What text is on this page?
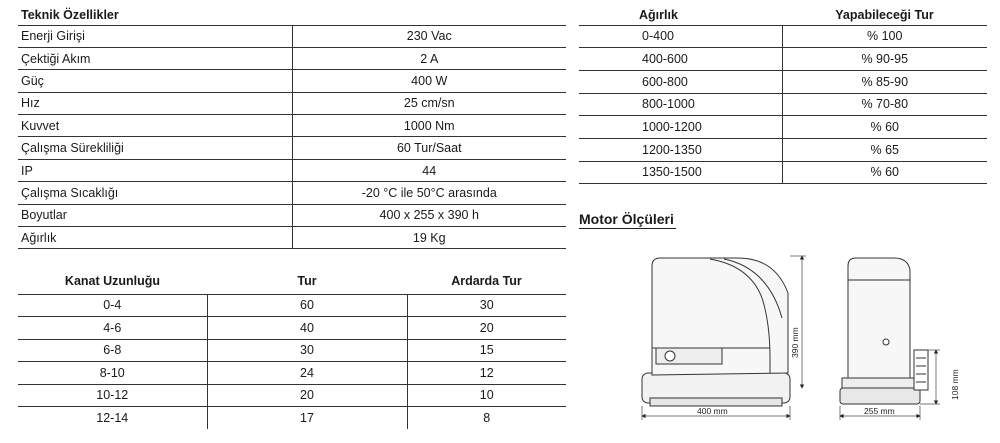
Teknik Özellikler	
Enerji Girişi	230 Vac
Çektiği Akım	2 A
Güç	400 W
Hız	25 cm/sn
Kuvvet	1000 Nm
Çalışma Sürekliliği	60 Tur/Saat
IP	44
Çalışma Sıcaklığı	-20 °C ile 50°C arasında
Boyutlar	400 x 255 x 390 h
Ağırlık	19 Kg
Ağırlık	Yapabileceği Tur
0-400	% 100
400-600	% 90-95
600-800	% 85-90
800-1000	% 70-80
1000-1200	% 60
1200-1350	% 65
1350-1500	% 60
Kanat Uzunluğu	Tur	Ardarda Tur
0-4	60	30
4-6	40	20
6-8	30	15
8-10	24	12
10-12	20	10
12-14	17	8
Motor Ölçüleri
390 mm
400 mm	255 mm
108 mm
